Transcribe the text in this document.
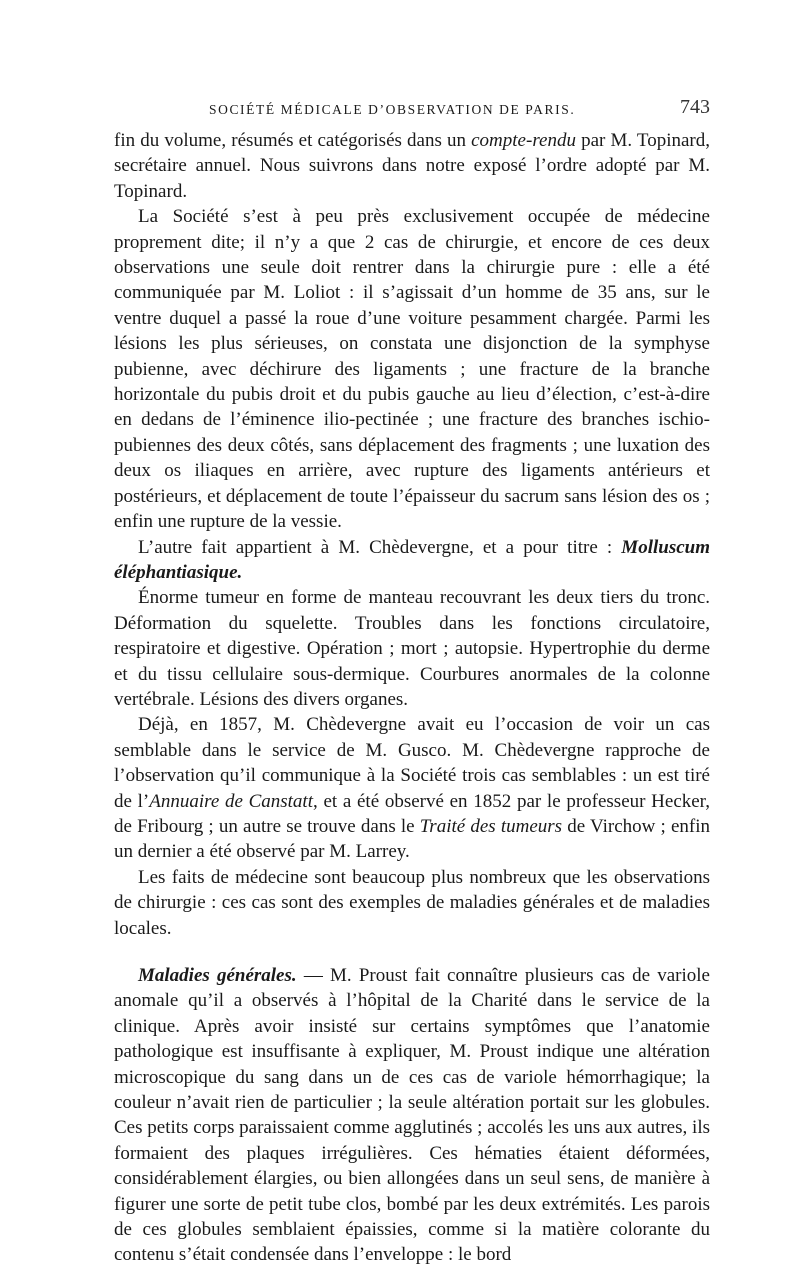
SOCIÉTÉ MÉDICALE D’OBSERVATION DE PARIS.	743

fin du volume, résumés et catégorisés dans un compte-rendu par M. Topinard, secrétaire annuel. Nous suivrons dans notre exposé l’ordre adopté par M. Topinard.

La Société s’est à peu près exclusivement occupée de médecine proprement dite; il n’y a que 2 cas de chirurgie, et encore de ces deux observations une seule doit rentrer dans la chirurgie pure : elle a été communiquée par M. Loliot : il s’agissait d’un homme de 35 ans, sur le ventre duquel a passé la roue d’une voiture pesamment chargée. Parmi les lésions les plus sérieuses, on constata une disjonction de la symphyse pubienne, avec déchirure des ligaments ; une fracture de la branche horizontale du pubis droit et du pubis gauche au lieu d’élection, c’est-à-dire en dedans de l’éminence ilio-pectinée ; une fracture des branches ischio-pubiennes des deux côtés, sans déplacement des fragments ; une luxation des deux os iliaques en arrière, avec rupture des ligaments antérieurs et postérieurs, et déplacement de toute l’épaisseur du sacrum sans lésion des os ; enfin une rupture de la vessie.

L’autre fait appartient à M. Chèdevergne, et a pour titre : Molluscum éléphantiasique.

Énorme tumeur en forme de manteau recouvrant les deux tiers du tronc. Déformation du squelette. Troubles dans les fonctions circulatoire, respiratoire et digestive. Opération ; mort ; autopsie. Hypertrophie du derme et du tissu cellulaire sous-dermique. Courbures anormales de la colonne vertébrale. Lésions des divers organes.

Déjà, en 1857, M. Chèdevergne avait eu l’occasion de voir un cas semblable dans le service de M. Gusco. M. Chèdevergne rapproche de l’observation qu’il communique à la Société trois cas semblables : un est tiré de l’Annuaire de Canstatt, et a été observé en 1852 par le professeur Hecker, de Fribourg ; un autre se trouve dans le Traité des tumeurs de Virchow ; enfin un dernier a été observé par M. Larrey.

Les faits de médecine sont beaucoup plus nombreux que les observations de chirurgie : ces cas sont des exemples de maladies générales et de maladies locales.

Maladies générales. — M. Proust fait connaître plusieurs cas de variole anomale qu’il a observés à l’hôpital de la Charité dans le service de la clinique. Après avoir insisté sur certains symptômes que l’anatomie pathologique est insuffisante à expliquer, M. Proust indique une altération microscopique du sang dans un de ces cas de variole hémorrhagique; la couleur n’avait rien de particulier ; la seule altération portait sur les globules. Ces petits corps paraissaient comme agglutinés ; accolés les uns aux autres, ils formaient des plaques irrégulières. Ces hématies étaient déformées, considérablement élargies, ou bien allongées dans un seul sens, de manière à figurer une sorte de petit tube clos, bombé par les deux extrémités. Les parois de ces globules semblaient épaissies, comme si la matière colorante du contenu s’était condensée dans l’enveloppe : le bord
